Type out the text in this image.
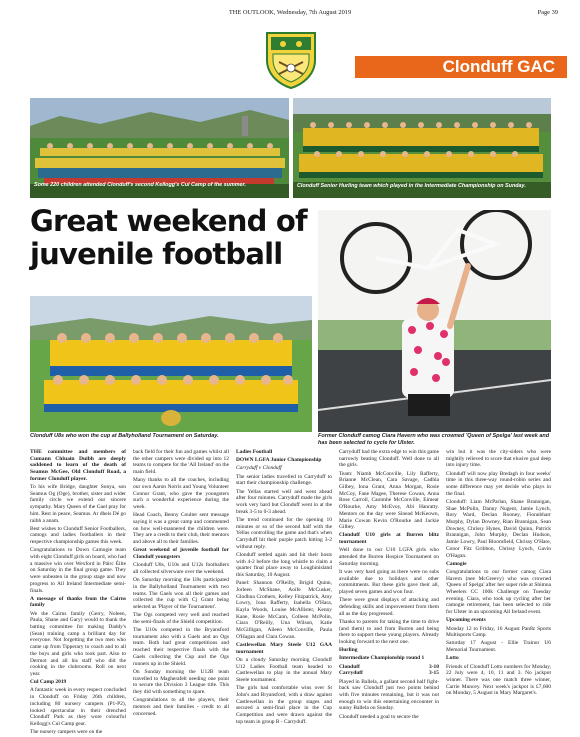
THE OUTLOOK, Wednesday, 7th August 2019	Page 39
Clonduff GAC
Some 220 children attended Clonduff's second Kellogg's Cul Camp of the summer.	Clonduff Senior Hurling team which played in the Intermediate Championship on Sunday.
Great weekend of juvenile football
Clonduff U8s who won the cup at Ballyholland Tournament on Saturday.	Former Clonduff camog Ciara Havern who was crowned 'Queen of Spelga' last week and has been selected to cycle for Ulster.

THE committee and members of Cumann Chluain Duibh are deeply saddened to learn of the death of Seamus McGee, Old Clonduff Road, a former Clonduff player.

To his wife Bridge, daughter Sonya, son Seamus Og (Oge), brother, sister and wider family circle we extend our sincere sympathy. Mary Queen of the Gael pray for him. Rest in peace, Seamus. Ar dheis Dé go raibh a anam.

Best wishes to Clonduff Senior Footballers, camogs and ladies footballers in their respective championship games this week.

Congratulations to Down Camogie team with eight Clonduff girls on board, who had a massive win over Wexford in Páirc Éilte on Saturday in the final group game. They were unbeaten in the group stage and now progress to All Ireland Intermediate semi-finals.

A message of thanks from the Cairns family

We the Cairns family (Gerry, Noleen, Paula, Shane and Gary) would to thank the batting committee for making Daddy's (Sean) training camp a brilliant day for everyone. Not forgetting the two men who came up from Tipperary to coach and to all the boys and girls who took part. Also to Dermot and all his staff who did the cooking in the clubrooms. Roll on next year.

Cul Camp 2019

A fantastic week in every respect concluded in Clonduff on Friday 26th children, including 80 nursery campers (P1-P2), looked spectacular in their drenched Clonduff Park as they wore colourful Kellogg's Cul Camp gear.

The nursery campers were on the

back field for their fun and games whilst all the other campers were divided up into 12 teams to compete for the 'All Ireland' on the main field.

Many thanks to all the coaches, including our own Aaron Norris and Young Volunteer Connor Grant, who gave the youngsters such a wonderful experience during the week.

Head Coach, Benny Coulter sent message saying it was a great camp and commented on how well-mannered the children were. They are a credit to their club, their mentors and above all to their families.

Great weekend of juvenile football for Clonduff youngsters

Clonduff U8s, U10s and U12s footballers all collected silverware over the weekend.

On Saturday morning the U8s participated in the Ballyholland Tournament with two teams. The Gaels won all their games and collected the cup with Cj Grant being selected as 'Player of the Tournament'.

The Ogs competed very well and reached the semi-finals of the Shield competition.

The U10s competed in the Bryansford tournament also with a Gaels and an Ogs team. Both had great competitions and reached their respective finals with the Gaels collecting the Cup and the Ogs runners up in the Shield.

On Sunday morning the U12B team travelled to Magherafelt needing one point to secure the Division 3 League title. This they did with something to spare.

Congratulations to all the players, their mentors and their families - credit to all concerned.

Ladies Football

DOWN LGFA Junior Championship

Carryduff v Clonduff

The senior ladies travelled to Carryduff to start their championship challenge.

The Yellas started well and went ahead after four minutes. Carryduff made the girls work very hard but Clonduff went in at the break 3-5 to 0-3 ahead.

The trend continued for the opening 10 minutes or so of the second half with the Yellas controlling the game and that's when Carryduff hit their purple patch hitting 3-2 without reply.

Clonduff settled again and hit their hosts with 4-2 before the long whistle to claim a quarter final place away to Loughinisland this Saturday, 10 August.

Panel: Shannon O'Reilly, Brigid Quinn, Jorleen McShane, Aoife McCusker, Glodhna Crothers, Kelley Fitzpatrick, Amy Lowry, Iona Rafferty, Isabella O'Hara, Kayla Woods, Louise McAllister, Kenny Kane, Rosie McCann, Colleen McPolin, Ciara O'Reilly, Una Wilson, Katie McGilligan, Aileen McConville, Paula O'Hagan and Clara Cowan.

Castlewellan Mary Steele U12 GAA tournament

On a cloudy Saturday morning Clonduff U12 Ladies Football team headed to Castlewellan to play in the annual Mary Steele tournament.

The girls had comfortable wins over St John's and Bryansford, with a draw against Castlewellan in the group stages and secured a semi-final place in the Cup Competition and were drawn against the top team in group B - Carryduff.

Carryduff had the extra edge to win this game narrowly beating Clonduff. Well done to all the girls.

Team: Niamh McConville, Lily Rafferty, Brianne McClean, Cara Savage, Cadhla Gilbey, Iona Grant, Anna Morgan, Rosie McCoy, Fane Magee, Therese Cowan, Anna Rose Carroll, Caoimhe McConville, Eimear O'Rourke, Amy McEvoy, Abi Hanratty. Mentors on the day were Sinead McKeown, Marie Cowan Kevin O'Rourke and Jackie Gilbey.

Clonduff U10 girls at Burren blitz tournament

Well done to our U10 LGFA girls who attended the Burren Hospice Tournament on Saturday morning.

It was very hard going as there were no subs available due to holidays and other commitments. But these girls gave their all, played seven games and won four.

There were great displays of attacking and defending skills and improvement from them all as the day progressed.

Thanks to parents for taking the time to drive (and them) to and from Burren and being there to support these young players. Already looking forward to the next one.

Hurling

Intermediate Championship round 1

Clonduff	3-10
Carryduff	3-15

Played in Ballela, a gallant second half fight-back saw Clonduff just two points behind with five minutes remaining, but it was not enough to win this entertaining encounter in sunny Ballela on Sunday.

Clonduff needed a goal to secure the

win but it was the city-siders who were mightily relieved to score that elusive goal deep into injury time.

Clonduff will now play Bredagh in four weeks' time in this three-way round-robin series and some difference may yet decide who plays in the final.

Clonduff: Liam McParlan, Shane Brannigan, Shae McPolin, Danny Nugent, Jamie Lynch, Rory Ward, Declan Rooney, Fionnbharr Murphy, Dylan Downey, Rian Brannigan, Sean Downey, Chrissy Hynes, David Quinn, Patrick Brannigan, John Murphy, Declan Hudson, Jamie Lowry, Paul Bloomfield, Chrissy O'Hare, Conor Fitz Gribbon, Chrissy Lynch, Gavin O'Hagan.

Camogie

Congratulations to our former camog Ciara Havern (nee McGreevy) who was crowned 'Queen of Spelga' after her super ride at Shimna Wheelers CC 100k Challenge on Tuesday evening. Ciara, who took up cycling after her camogie retirement, has been selected to ride for Ulster in an upcoming All Ireland event.

Upcoming events

Monday 12 to Friday, 16 August Pan8z Sports Multisports Camp.

Saturday 17 August - Ellie Trainor U6 Memorial Tournament.

Lotto

Friends of Clonduff Lotto numbers for Monday, 22 July were 4, 10, 11 and 3. No jackpot winner. There was one match three winner, Carrie Muncey. Next week's jackpot is £7,600 on Monday, 5 August in Mary Margaret's.
